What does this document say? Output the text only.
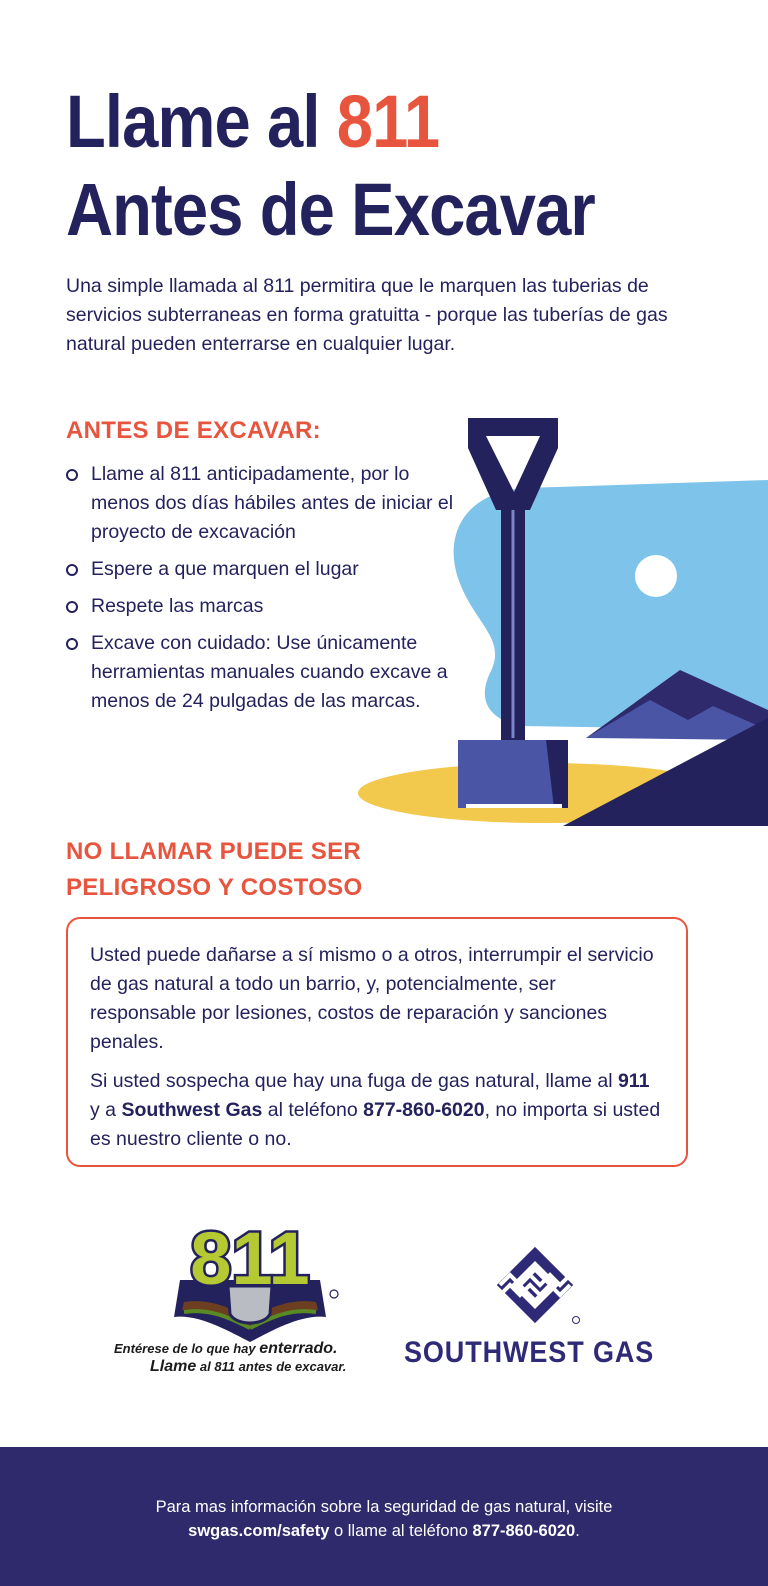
Llame al 811
Antes de Excavar

Una simple llamada al 811 permitira que le marquen las tuberias de servicios subterraneas en forma gratuitta - porque las tuberías de gas natural pueden enterrarse en cualquier lugar.

ANTES DE EXCAVAR:
Llame al 811 anticipadamente, por lo menos dos días hábiles antes de iniciar el proyecto de excavación
Espere a que marquen el lugar
Respete las marcas
Excave con cuidado: Use únicamente herramientas manuales cuando excave a menos de 24 pulgadas de las marcas.
NO LLAMAR PUEDE SER
PELIGROSO Y COSTOSO

Usted puede dañarse a sí mismo o a otros, interrumpir el servicio de gas natural a todo un barrio, y, potencialmente, ser responsable por lesiones, costos de reparación y sanciones penales.

Si usted sospecha que hay una fuga de gas natural, llame al 911 y a Southwest Gas al teléfono 877-860-6020, no importa si usted es nuestro cliente o no.

811
Entérese de lo que hay enterrado.
Llame al 811 antes de excavar. SOUTHWEST GAS
Para mas información sobre la seguridad de gas natural, visite
swgas.com/safety o llame al teléfono 877-860-6020.
